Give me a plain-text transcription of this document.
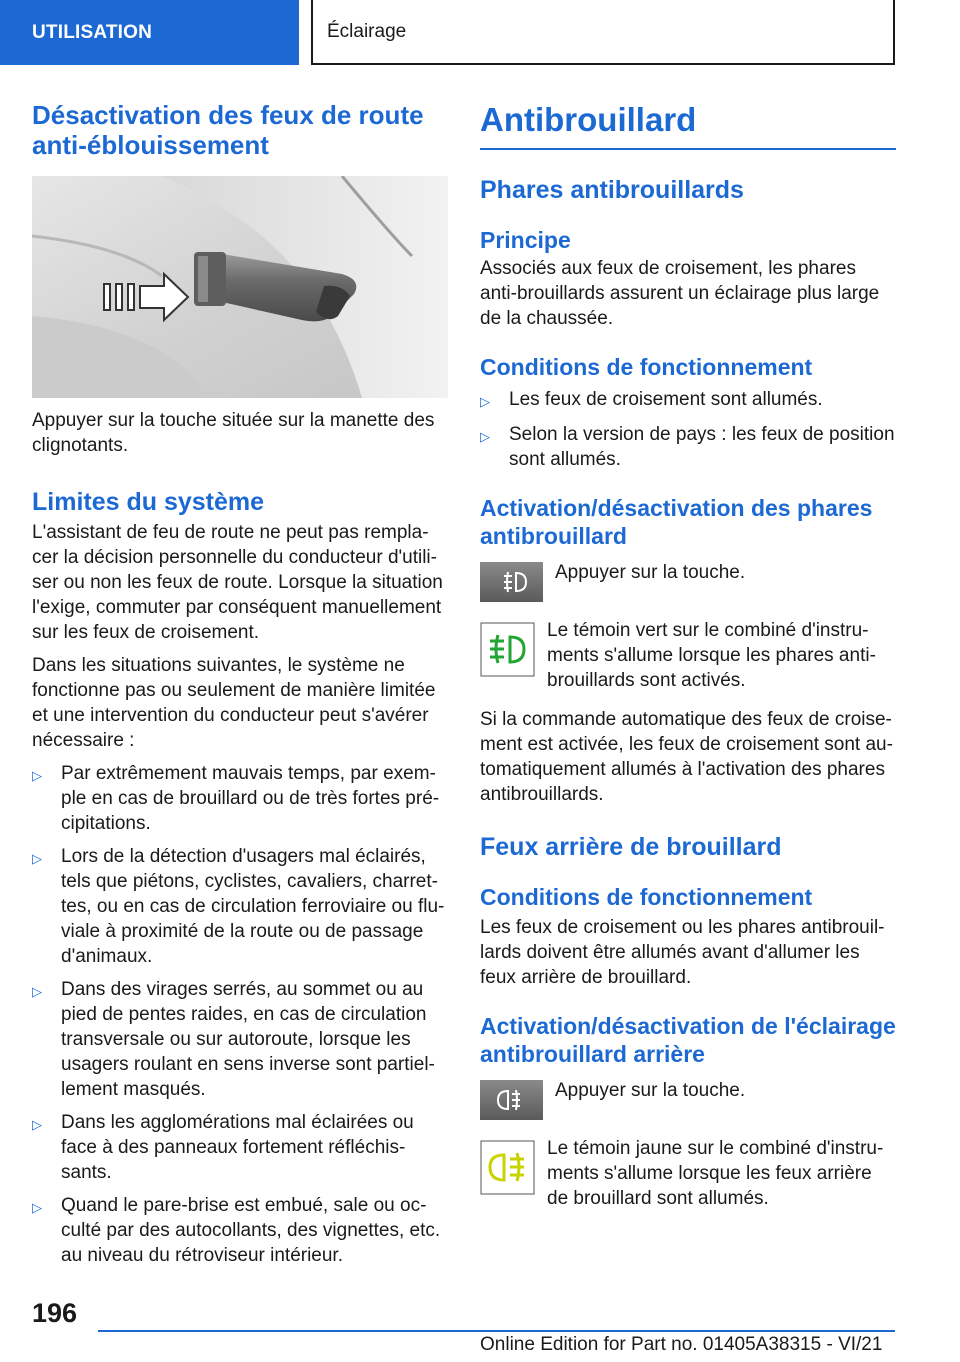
UTILISATION	Éclairage
Désactivation des feux de route anti-éblouissement

Appuyer sur la touche située sur la manette des clignotants.

Limites du système

L'assistant de feu de route ne peut pas rempla-cer la décision personnelle du conducteur d'utili-ser ou non les feux de route. Lorsque la situation l'exige, commuter par conséquent manuellement sur les feux de croisement.

Dans les situations suivantes, le système ne fonctionne pas ou seulement de manière limitée et une intervention du conducteur peut s'avérer nécessaire :

▷	Par extrêmement mauvais temps, par exem-ple en cas de brouillard ou de très fortes pré-cipitations.
▷	Lors de la détection d'usagers mal éclairés, tels que piétons, cyclistes, cavaliers, charret-tes, ou en cas de circulation ferroviaire ou flu-viale à proximité de la route ou de passage d'animaux.
▷	Dans des virages serrés, au sommet ou au pied de pentes raides, en cas de circulation transversale ou sur autoroute, lorsque les usagers roulant en sens inverse sont partiel-lement masqués.
▷	Dans les agglomérations mal éclairées ou face à des panneaux fortement réfléchis-sants.
▷	Quand le pare-brise est embué, sale ou oc-culté par des autocollants, des vignettes, etc. au niveau du rétroviseur intérieur.
Antibrouillard
Phares antibrouillards
Principe

Associés aux feux de croisement, les phares anti-brouillards assurent un éclairage plus large de la chaussée.

Conditions de fonctionnement
▷	Les feux de croisement sont allumés.
▷	Selon la version de pays : les feux de position sont allumés.
Activation/désactivation des phares antibrouillard

Appuyer sur la touche.

Le témoin vert sur le combiné d'instru-ments s'allume lorsque les phares anti-brouillards sont activés.

Si la commande automatique des feux de croise-ment est activée, les feux de croisement sont au-tomatiquement allumés à l'activation des phares antibrouillards.

Feux arrière de brouillard
Conditions de fonctionnement

Les feux de croisement ou les phares antibrouil-lards doivent être allumés avant d'allumer les feux arrière de brouillard.

Activation/désactivation de l'éclairage antibrouillard arrière

Appuyer sur la touche.

Le témoin jaune sur le combiné d'instru-ments s'allume lorsque les feux arrière de brouillard sont allumés.

196
Online Edition for Part no. 01405A38315 - VI/21
